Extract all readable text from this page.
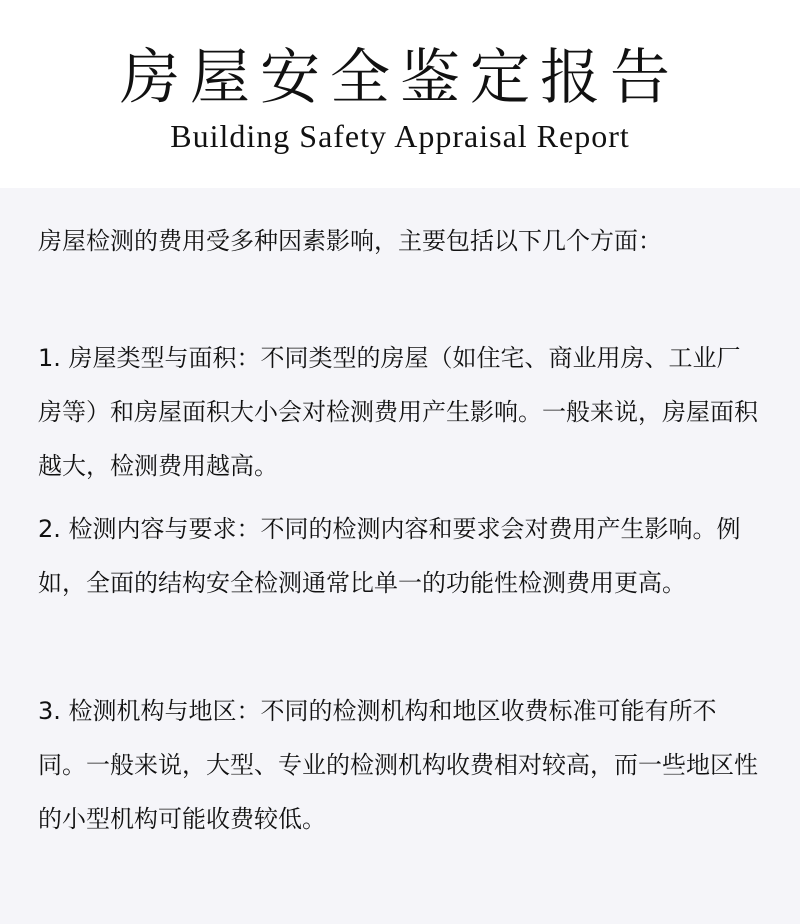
房屋安全鉴定报告
Building Safety Appraisal Report

房屋检测的费用受多种因素影响，主要包括以下几个方面：

1. 房屋类型与面积：不同类型的房屋（如住宅、商业用房、工业厂房等）和房屋面积大小会对检测费用产生影响。一般来说，房屋面积越大，检测费用越高。

2. 检测内容与要求：不同的检测内容和要求会对费用产生影响。例如，全面的结构安全检测通常比单一的功能性检测费用更高。

3. 检测机构与地区：不同的检测机构和地区收费标准可能有所不同。一般来说，大型、专业的检测机构收费相对较高，而一些地区性的小型机构可能收费较低。
